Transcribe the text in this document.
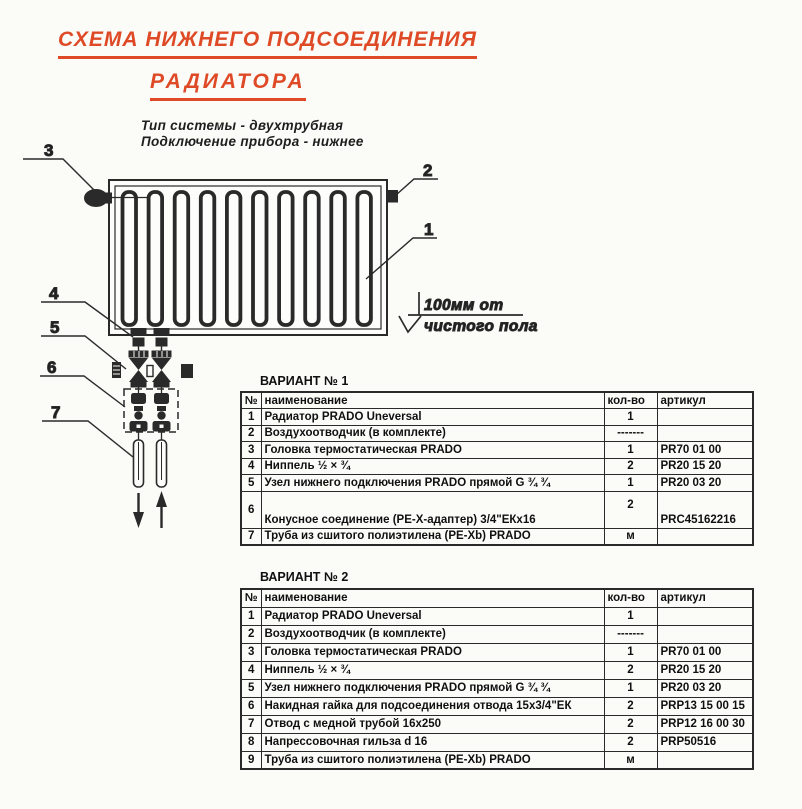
СХЕМА НИЖНЕГО ПОДСОЕДИНЕНИЯ
РАДИАТОРА
Тип системы - двухтрубная
Подключение прибора - нижнее
100мм от
чистого пола
3
2
1
4
5
6
7
ВАРИАНТ № 1
№	наименование	кол-во	артикул
1	Радиатор PRADO Uneversal	1	
2	Воздухоотводчик (в комплекте)	-------	
3	Головка термостатическая PRADO	1	PR70 01 00
4	Ниппель ½ × ¾	2	PR20 15 20
5	Узел нижнего подключения PRADO прямой G ¾ ¾	1	PR20 03 20
6	Конусное соединение (PE-X-адаптер) 3/4"ЕКх16	2	PRC45162216
7	Труба из сшитого полиэтилена (PE-Xb) PRADO	м	
ВАРИАНТ № 2
№	наименование	кол-во	артикул
1	Радиатор PRADO Uneversal	1	
2	Воздухоотводчик (в комплекте)	-------	
3	Головка термостатическая PRADO	1	PR70 01 00
4	Ниппель ½ × ¾	2	PR20 15 20
5	Узел нижнего подключения PRADO прямой G ¾ ¾	1	PR20 03 20
6	Накидная гайка для подсоединения отвода 15х3/4"ЕК	2	PRP13 15 00 15
7	Отвод с медной трубой 16х250	2	PRP12 16 00 30
8	Напрессовочная гильза d 16	2	PRP50516
9	Труба из сшитого полиэтилена (PE-Xb) PRADO	м	
